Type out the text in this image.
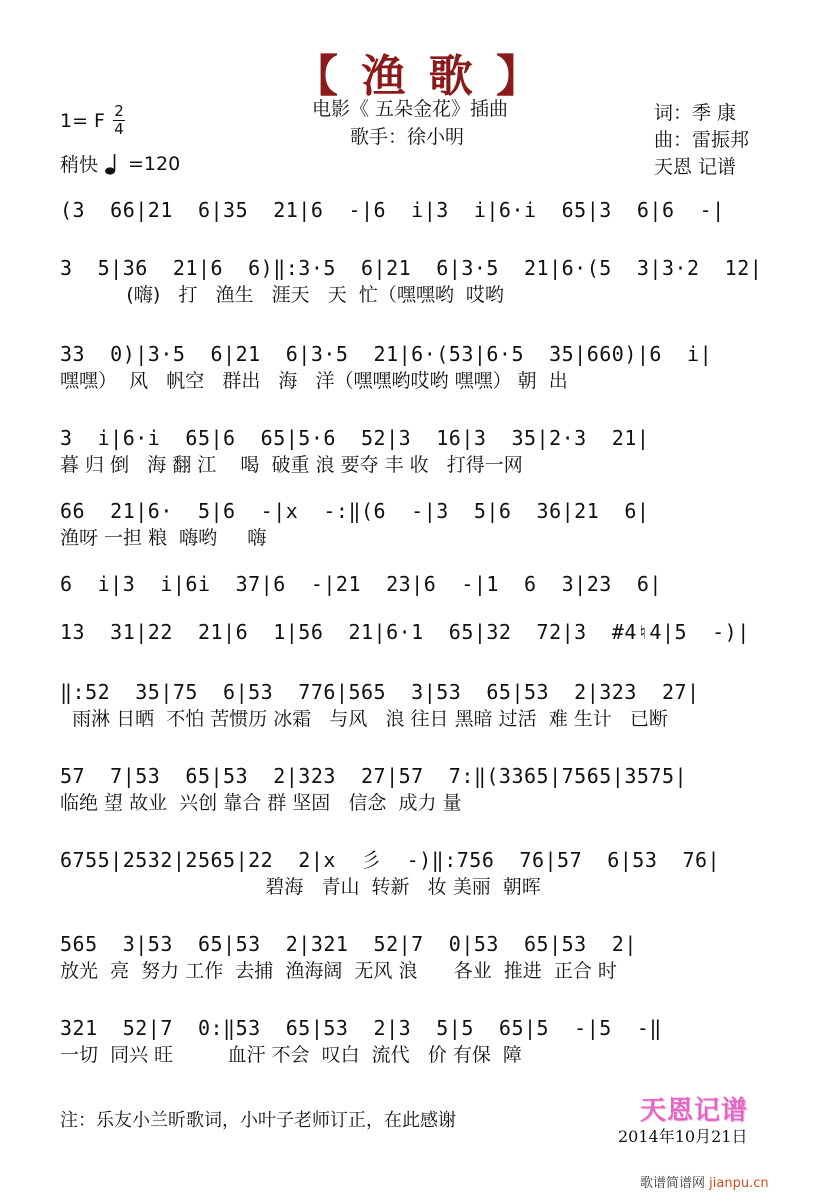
【 渔 歌 】
1= F 2
4
稍快 =120
电影《 五朵金花》插曲
歌手：徐小明
词：季 康
曲：雷振邦
天恩 记谱
(3  66|21  6|35  21|6  -|6  i|3  i|6·i  65|3  6|6  -|
3  5|36  21|6  6)‖:3·5  6|21  6|3·5  21|6·(5  3|3·2  12|
(嗨)   打   渔生   涯天   天  忙（嘿嘿哟  哎哟
33  0)|3·5  6|21  6|3·5  21|6·(53|6·5  35|660)|6  i|
嘿嘿）  风   帆空   群出   海   洋（嘿嘿哟哎哟 嘿嘿） 朝  出
3  i|6·i  65|6  65|5·6  52|3  16|3  35|2·3  21|
暮 归 倒   海 翻 江    喝  破重 浪 要夺 丰 收   打得一网
66  21|6·  5|6  -|x  -:‖(6  -|3  5|6  36|21  6|
渔呀 一担 粮  嗨哟     嗨
6  i|3  i|6i  37|6  -|21  23|6  -|1  6  3|23  6|
13  31|22  21|6  1|56  21|6·1  65|32  72|3  #4♮4|5  -)|
‖:52  35|75  6|53  776|565  3|53  65|53  2|323  27|
雨淋 日晒  不怕 苦惯历 冰霜   与风   浪 往日 黑暗 过活  难 生计   已断
57  7|53  65|53  2|323  27|57  7:‖(3365|7565|3575|
临绝 望 故业  兴创 靠合 群 坚固   信念  成力 量
6755|2532|2565|22  2|x  彡  -)‖:756  76|57  6|53  76|
碧海   青山  转新   妆 美丽  朝晖
565  3|53  65|53  2|321  52|7  0|53  65|53  2|
放光  亮  努力 工作  去捕  渔海阔  无风 浪      各业  推进  正合 时
321  52|7  0:‖53  65|53  2|3  5|5  65|5  -|5  -‖
一切  同兴 旺         血汗 不会  叹白  流代   价 有保  障
注：乐友小兰昕歌词，小叶子老师订正，在此感谢	天恩记谱
2014年10月21日
歌谱简谱网 jianpu.cn
